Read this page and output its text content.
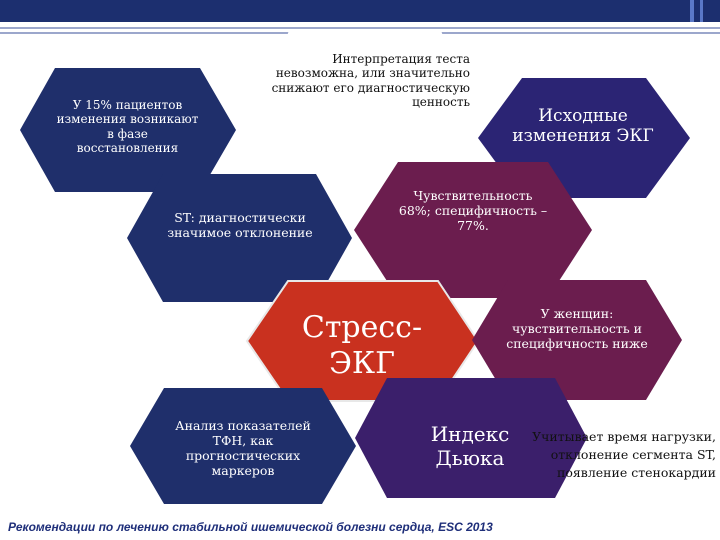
У 15% пациентов изменения возникают в фазе восстановления
Интерпретация теста невозможна, или значительно снижают его диагностическую ценность
Исходные изменения ЭКГ
ST: диагностически значимое отклонение
Чувствительность 68%; специфичность – 77%.
Стресс-ЭКГ
У женщин: чувствительность и специфичность ниже
Анализ показателей ТФН, как прогностических маркеров
Индекс Дьюка
Учитывает время нагрузки, отклонение сегмента ST, появление стенокардии
Рекомендации по лечению стабильной ишемической болезни сердца, ESC 2013
